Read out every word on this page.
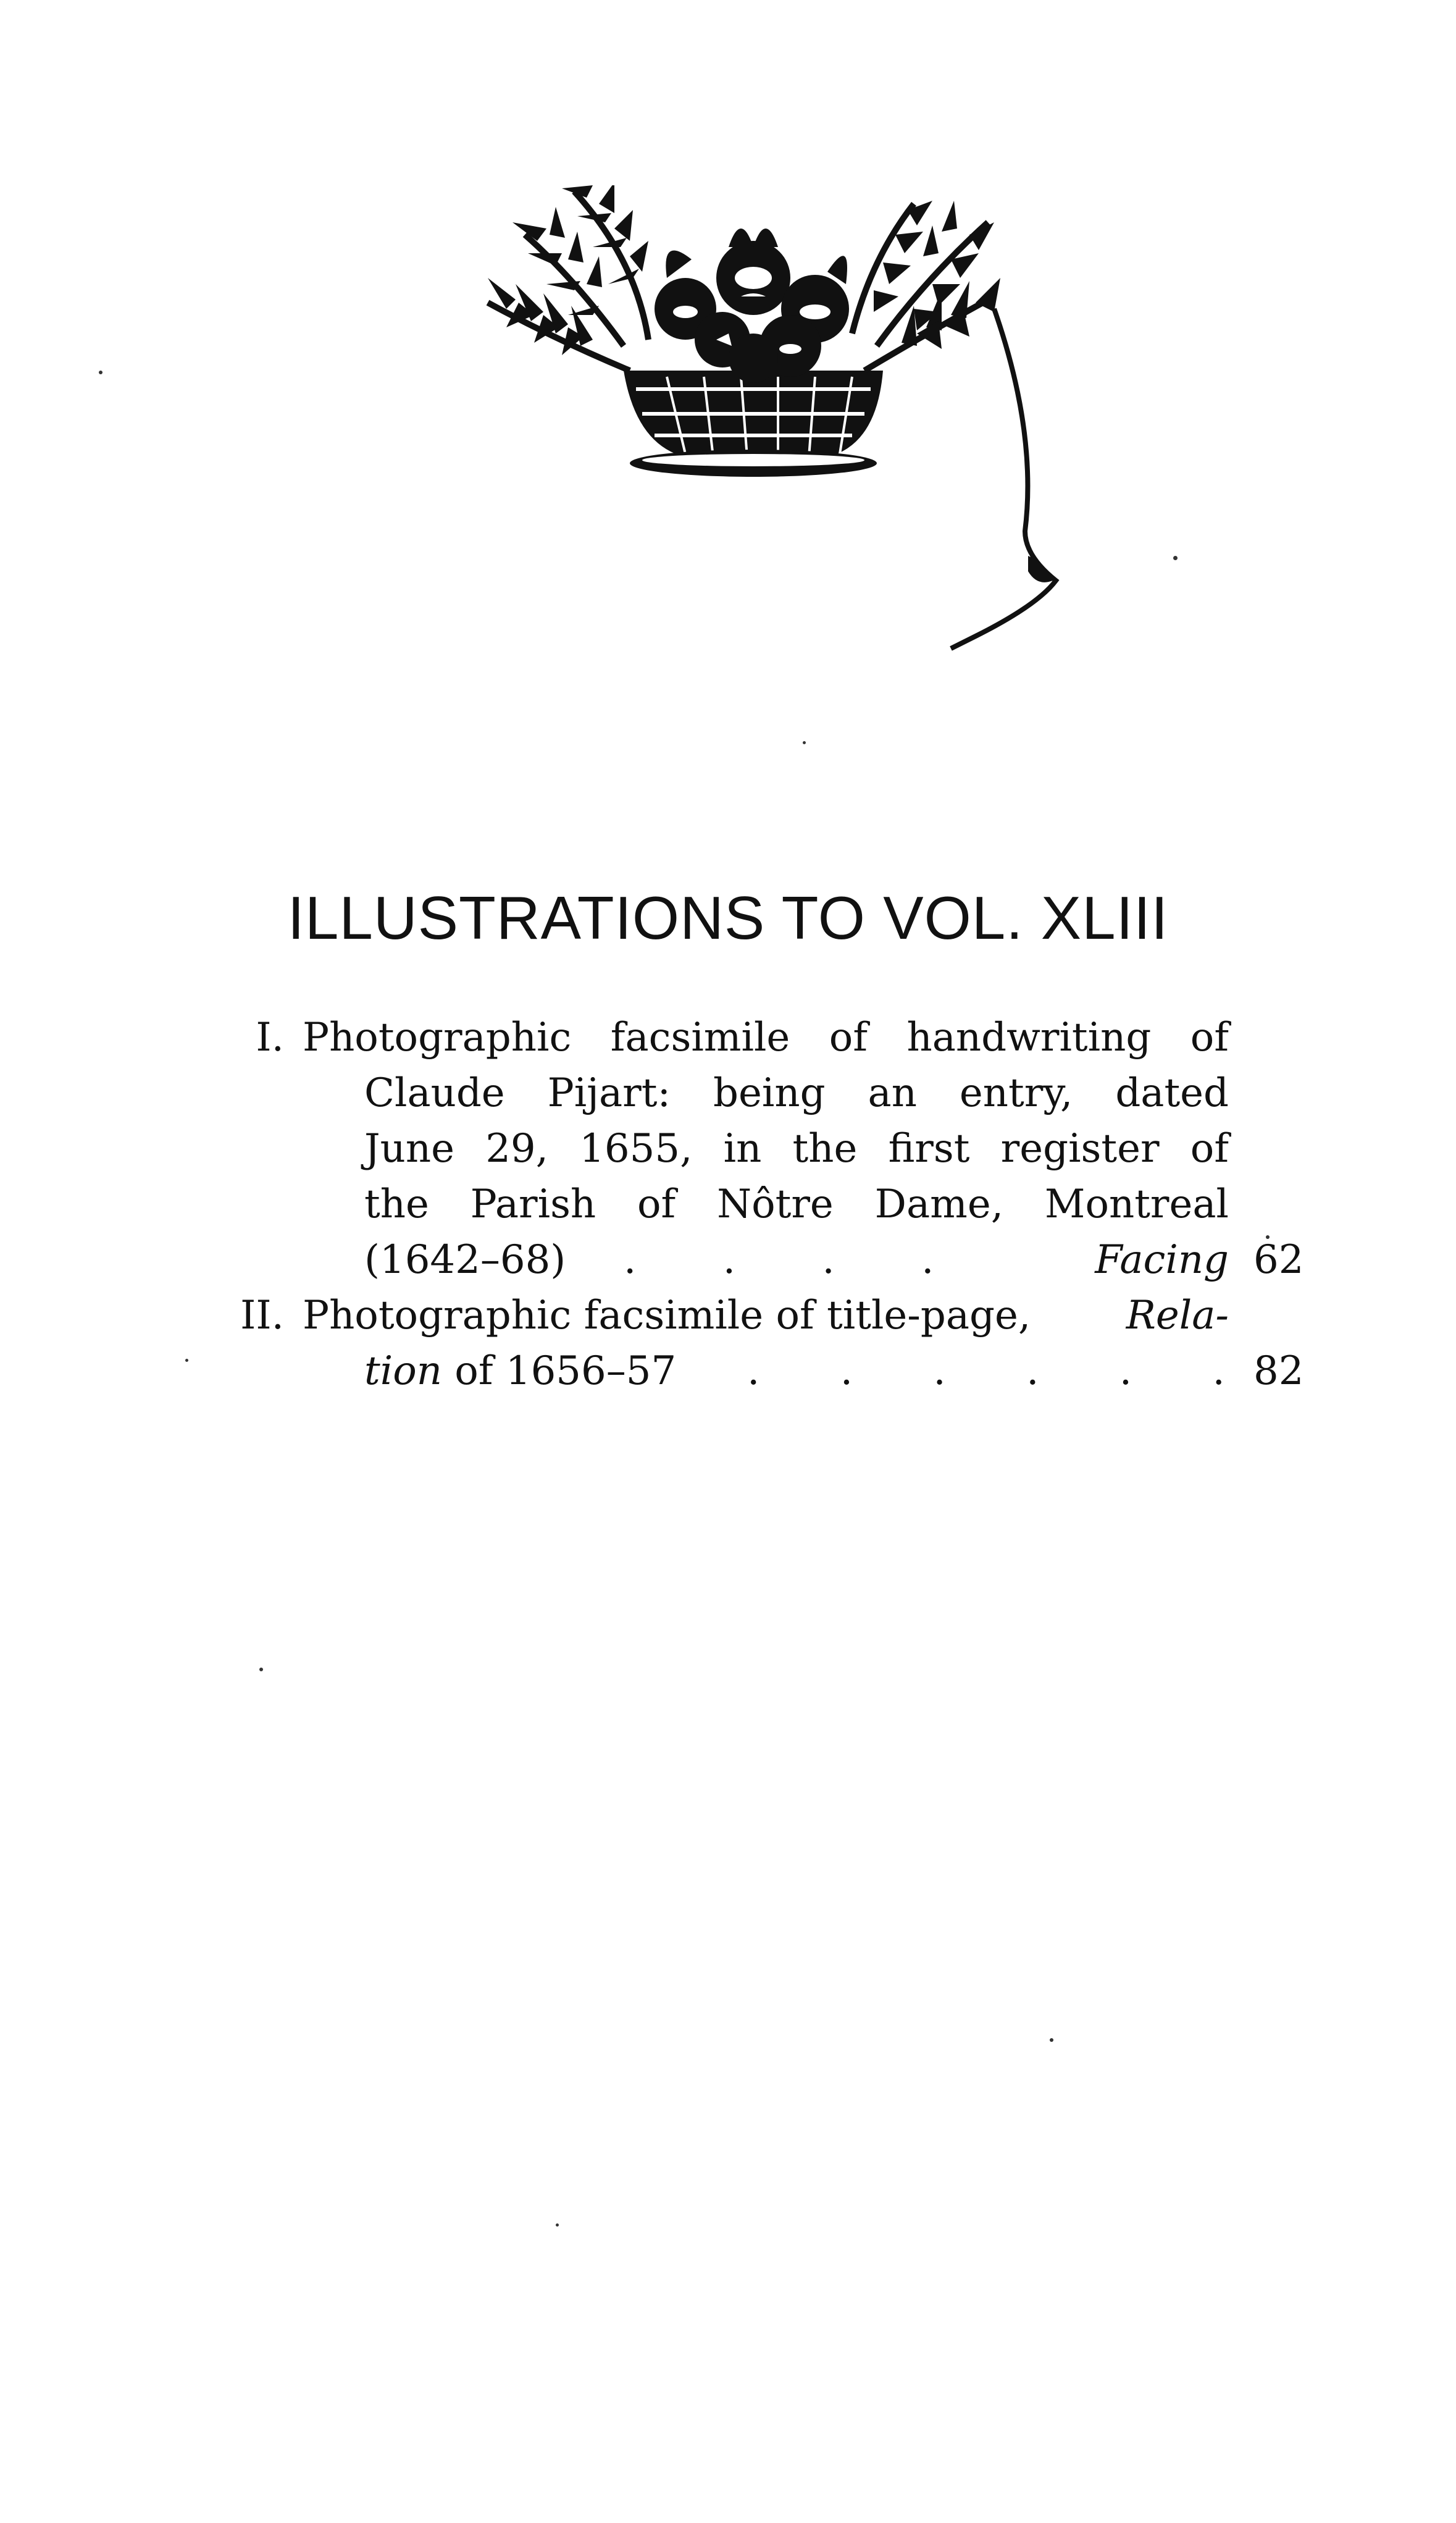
ILLUSTRATIONS TO VOL. XLIII
I. Photographic facsimile of handwriting of
Claude Pijart: being an entry, dated
June 29, 1655, in the first register of
the Parish of Nôtre Dame, Montreal
(1642–68) . . . .	Facing 62
II. Photographic facsimile of title-page, Rela-
tion of 1656–57 . . . . . .
82
